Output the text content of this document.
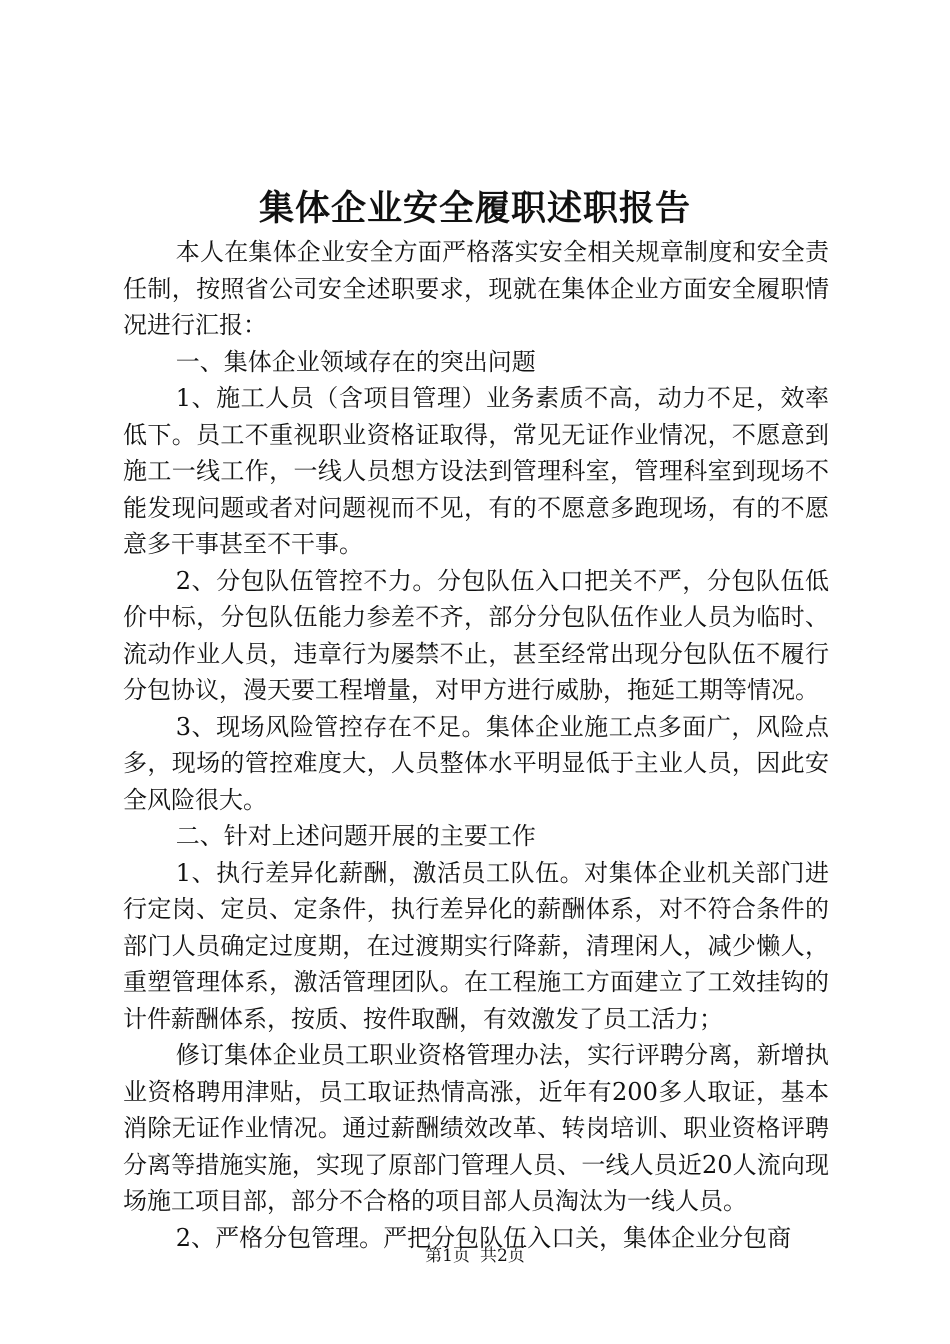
集体企业安全履职述职报告

本人在集体企业安全方面严格落实安全相关规章制度和安全责任制，按照省公司安全述职要求，现就在集体企业方面安全履职情况进行汇报：

一、集体企业领域存在的突出问题

1、施工人员（含项目管理）业务素质不高，动力不足，效率低下。员工不重视职业资格证取得，常见无证作业情况，不愿意到施工一线工作，一线人员想方设法到管理科室，管理科室到现场不能发现问题或者对问题视而不见，有的不愿意多跑现场，有的不愿意多干事甚至不干事。

2、分包队伍管控不力。分包队伍入口把关不严，分包队伍低价中标，分包队伍能力参差不齐，部分分包队伍作业人员为临时、流动作业人员，违章行为屡禁不止，甚至经常出现分包队伍不履行分包协议，漫天要工程增量，对甲方进行威胁，拖延工期等情况。

3、现场风险管控存在不足。集体企业施工点多面广，风险点多，现场的管控难度大，人员整体水平明显低于主业人员，因此安全风险很大。

二、针对上述问题开展的主要工作

1、执行差异化薪酬，激活员工队伍。对集体企业机关部门进行定岗、定员、定条件，执行差异化的薪酬体系，对不符合条件的部门人员确定过度期，在过渡期实行降薪，清理闲人，减少懒人，重塑管理体系，激活管理团队。在工程施工方面建立了工效挂钩的计件薪酬体系，按质、按件取酬，有效激发了员工活力；

修订集体企业员工职业资格管理办法，实行评聘分离，新增执业资格聘用津贴，员工取证热情高涨，近年有200多人取证，基本消除无证作业情况。通过薪酬绩效改革、转岗培训、职业资格评聘分离等措施实施，实现了原部门管理人员、一线人员近20人流向现场施工项目部，部分不合格的项目部人员淘汰为一线人员。

2、严格分包管理。严把分包队伍入口关，集体企业分包商

第1页 共2页
